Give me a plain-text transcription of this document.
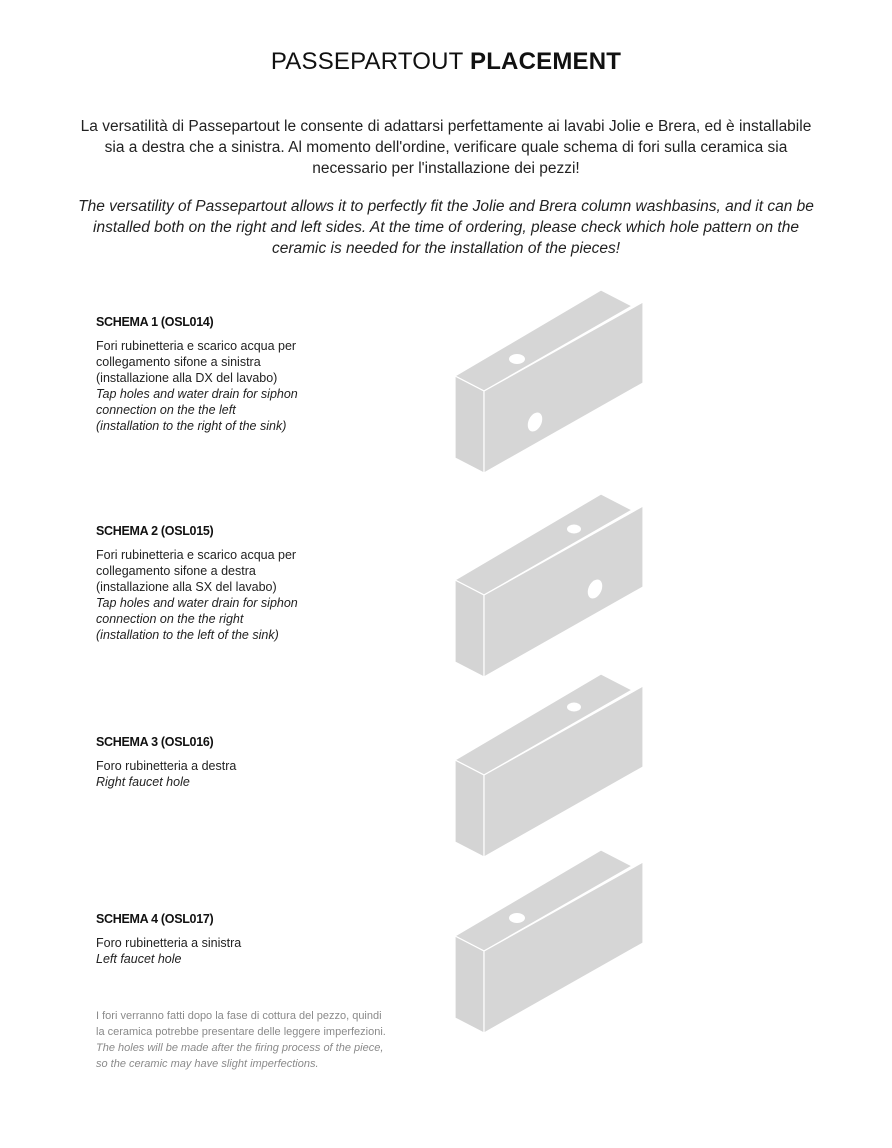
PASSEPARTOUT PLACEMENT
La versatilità di Passepartout le consente di adattarsi perfettamente ai lavabi Jolie e Brera, ed è installabile sia a destra che a sinistra. Al momento dell'ordine, verificare quale schema di fori sulla ceramica sia necessario per l'installazione dei pezzi!
The versatility of Passepartout allows it to perfectly fit the Jolie and Brera column washbasins, and it can be installed both on the right and left sides. At the time of ordering, please check which hole pattern on the ceramic is needed for the installation of the pieces!
SCHEMA 1 (OSL014)

Fori rubinetteria e scarico acqua per

collegamento sifone a sinistra

(installazione alla DX del lavabo)

Tap holes and water drain for siphon

connection on the the left

(installation to the right of the sink)

SCHEMA 2 (OSL015)

Fori rubinetteria e scarico acqua per

collegamento sifone a destra

(installazione alla SX del lavabo)

Tap holes and water drain for siphon

connection on the the right

(installation to the left of the sink)

SCHEMA 3 (OSL016)

Foro rubinetteria a destra

Right faucet hole

SCHEMA 4 (OSL017)

Foro rubinetteria a sinistra

Left faucet hole

I fori verranno fatti dopo la fase di cottura del pezzo, quindi la ceramica potrebbe presentare delle leggere imperfezioni.

The holes will be made after the firing process of the piece, so the ceramic may have slight imperfections.
